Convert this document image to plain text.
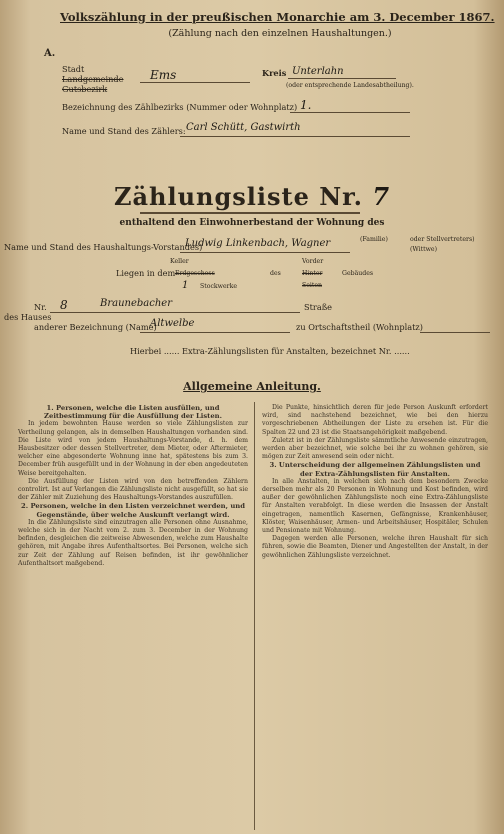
Volkszählung in der preußischen Monarchie am 3. December 1867.
(Zählung nach den einzelnen Haushaltungen.)
A.
Stadt
Landgemeinde
Gutsbezirk
Ems	Kreis Unterlahn
(oder entsprechende Landesabtheilung).
Bezeichnung des Zählbezirks (Nummer oder Wohnplatz) 1.
Name und Stand des Zählers: Carl Schütt, Gastwirth
Zählungsliste Nr. 7
enthaltend den Einwohnerbestand der Wohnung des
Name und Stand des Haushaltungs-Vorstandes)
Ludwig Linkenbach, Wagner	(Familie)	oder Stellvertreters)
(Wittwe)
Keller
Liegen in dem Erdgeschoss
1 Stockwerke
des
Vorder
Hinter
Seiten
Gebäudes
des Hauses
Nr. 8	Braunebacher	Straße
anderer Bezeichnung (Name)
Altwelbe	zu Ortschaftstheil (Wohnplatz)
Hierbei ...... Extra-Zählungslisten für Anstalten, bezeichnet Nr. ......
Allgemeine Anleitung.

1. Personen, welche die Listen ausfüllen, und Zeitbestimmung für die Ausfüllung der Listen.

In jedem bewohnten Hause werden so viele Zählungslisten zur Vertheilung gelangen, als in demselben Haushaltungen vorhanden sind. Die Liste wird von jedem Haushaltungs-Vorstande, d. h. dem Hausbesitzer oder dessen Stellvertreter, dem Mieter, oder Aftermieter, welcher eine abgesonderte Wohnung inne hat, spätestens bis zum 3. December früh ausgefüllt und in der Wohnung in der eben angedeuteten Weise bereitgehalten.

Die Ausfüllung der Listen wird von den betreffenden Zählern controlirt. Ist auf Verlangen die Zählungsliste nicht ausgefüllt, so hat sie der Zähler mit Zuziehung des Haushaltungs-Vorstandes auszufüllen.

2. Personen, welche in den Listen verzeichnet werden, und Gegenstände, über welche Auskunft verlangt wird.

In die Zählungsliste sind einzutragen alle Personen ohne Ausnahme, welche sich in der Nacht vom 2. zum 3. December in der Wohnung befinden, desgleichen die zeitweise Abwesenden, welche zum Haushalte gehören, mit Angabe ihres Aufenthaltsortes. Bei Personen, welche sich zur Zeit der Zählung auf Reisen befinden, ist ihr gewöhnlicher Aufenthaltsort maßgebend.

Die Punkte, hinsichtlich deren für jede Person Auskunft erfordert wird, sind nachstehend bezeichnet, wie bei den hierzu vorgeschriebenen Abtheilungen der Liste zu ersehen ist. Für die Spalten 22 und 23 ist die Staatsangehörigkeit maßgebend.

Zuletzt ist in der Zählungsliste sämmtliche Anwesende einzutragen, werden aber bezeichnet, wie solche bei ihr zu wohnen gehören, sie mögen zur Zeit anwesend sein oder nicht.

3. Unterscheidung der allgemeinen Zählungslisten und der Extra-Zählungslisten für Anstalten.

In alle Anstalten, in welchen sich nach dem besondern Zwecke derselben mehr als 20 Personen in Wohnung und Kost befinden, wird außer der gewöhnlichen Zählungsliste noch eine Extra-Zählungsliste für Anstalten verabfolgt. In diese werden die Insassen der Anstalt eingetragen, namentlich Kasernen, Gefängnisse, Krankenhäuser, Klöster, Waisenhäuser, Armen- und Arbeitshäuser, Hospitäler, Schulen und Pensionate mit Wohnung.

Dagegen werden alle Personen, welche ihren Haushalt für sich führen, sowie die Beamten, Diener und Angestellten der Anstalt, in der gewöhnlichen Zählungsliste verzeichnet.
